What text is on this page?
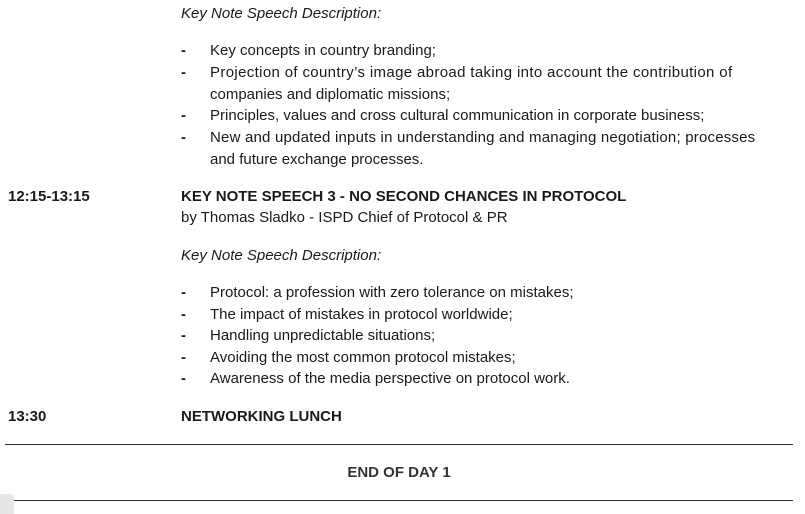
Key Note Speech Description:
- Key concepts in country branding;
- Projection of country’s image abroad taking into account the contribution of
companies and diplomatic missions;
- Principles, values and cross cultural communication in corporate business;
- New and updated inputs in understanding and managing negotiation; processes
and future exchange processes.
12:15-13:15	KEY NOTE SPEECH 3 - NO SECOND CHANCES IN PROTOCOL
by Thomas Sladko - ISPD Chief of Protocol & PR
Key Note Speech Description:
- Protocol: a profession with zero tolerance on mistakes;
- The impact of mistakes in protocol worldwide;
- Handling unpredictable situations;
- Avoiding the most common protocol mistakes;
- Awareness of the media perspective on protocol work.
13:30	NETWORKING LUNCH
END OF DAY 1
